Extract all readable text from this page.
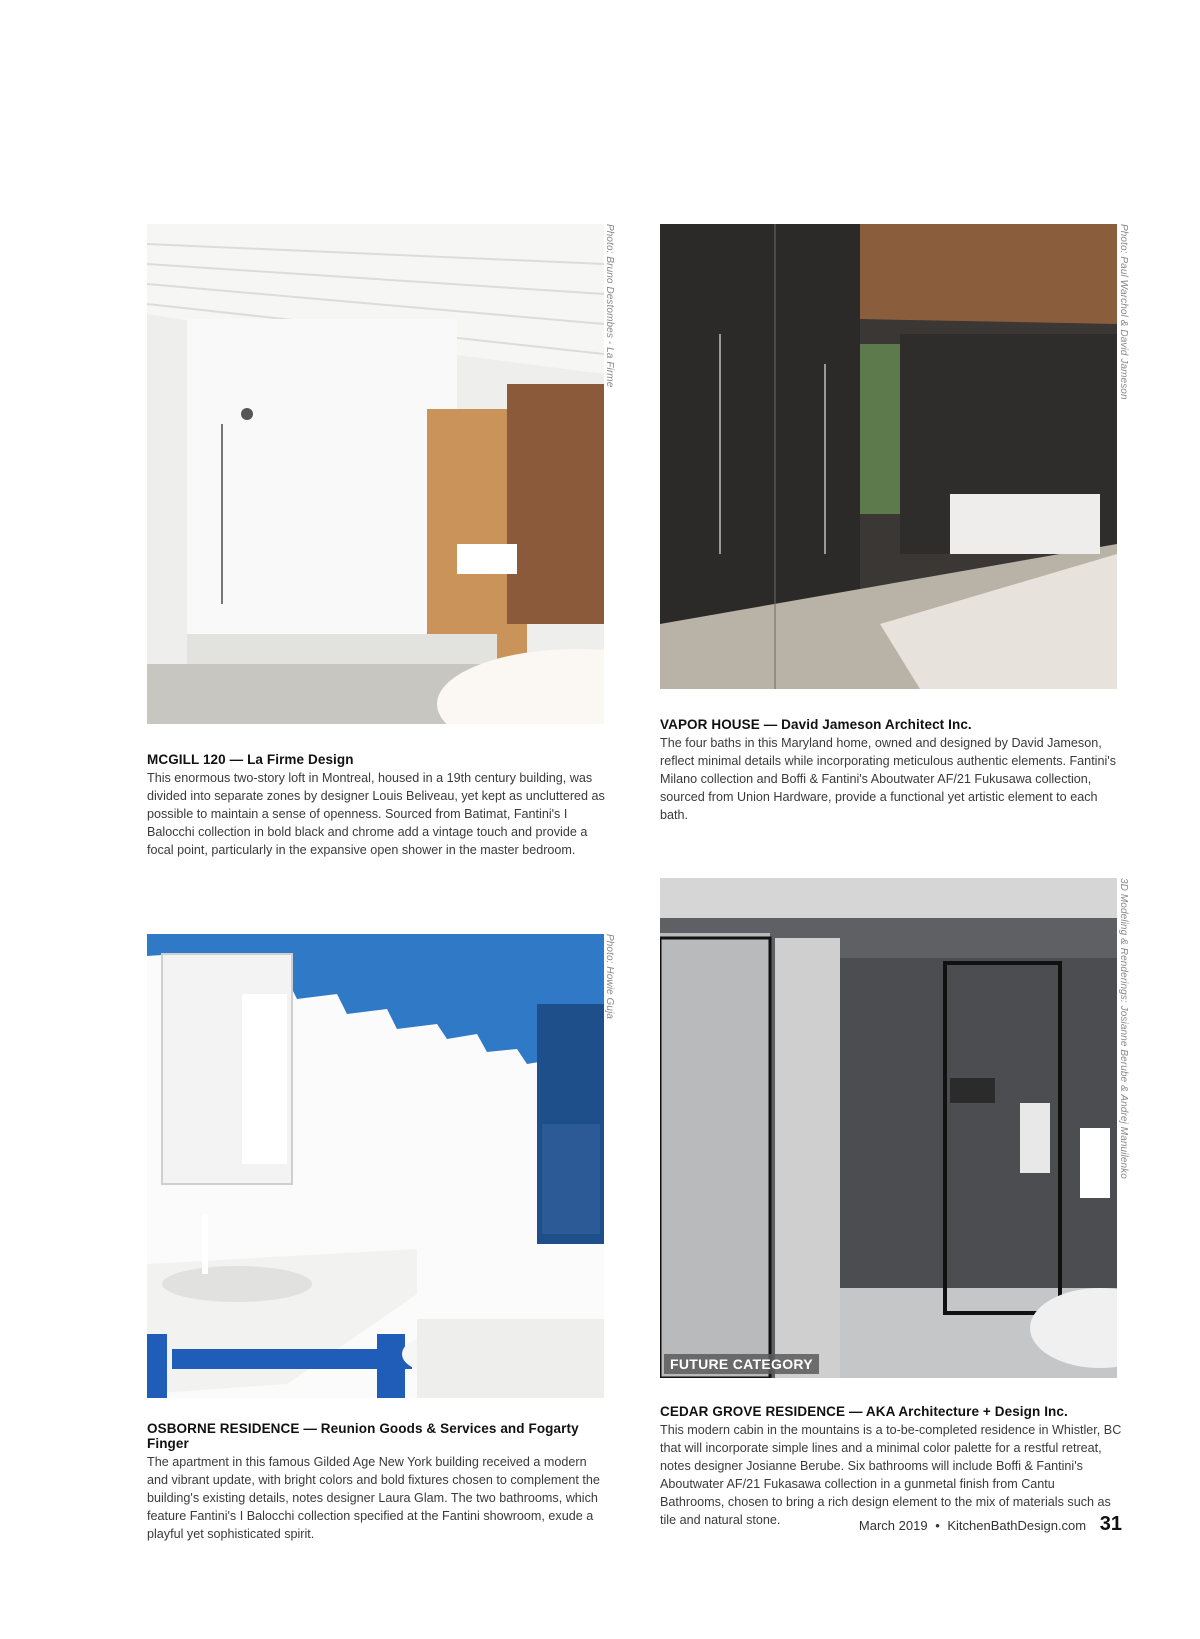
Photo: Bruno Destombes - La Firme	Photo: Paul Warchol & David Jameson
VAPOR HOUSE — David Jameson Architect Inc.

The four baths in this Maryland home, owned and designed by David Jameson, reflect minimal details while incorporating meticulous authentic elements. Fantini's Milano collection and Boffi & Fantini's Aboutwater AF/21 Fukusawa collection, sourced from Union Hardware, provide a functional yet artistic element to each bath.

MCGILL 120 — La Firme Design

This enormous two-story loft in Montreal, housed in a 19th century building, was divided into separate zones by designer Louis Beliveau, yet kept as uncluttered as possible to maintain a sense of openness. Sourced from Batimat, Fantini's I Balocchi collection in bold black and chrome add a vintage touch and provide a focal point, particularly in the expansive open shower in the master bedroom.

Photo: Howie Guja
FUTURE CATEGORY
3D Modeling & Renderings: Josianne Berube & Andrej Manuilenko
CEDAR GROVE RESIDENCE — AKA Architecture + Design Inc.

This modern cabin in the mountains is a to-be-completed residence in Whistler, BC that will incorporate simple lines and a minimal color palette for a restful retreat, notes designer Josianne Berube. Six bathrooms will include Boffi & Fantini's Aboutwater AF/21 Fukasawa collection in a gunmetal finish from Cantu Bathrooms, chosen to bring a rich design element to the mix of materials such as tile and natural stone.

OSBORNE RESIDENCE — Reunion Goods & Services and Fogarty Finger

The apartment in this famous Gilded Age New York building received a modern and vibrant update, with bright colors and bold fixtures chosen to complement the building's existing details, notes designer Laura Glam. The two bathrooms, which feature Fantini's I Balocchi collection specified at the Fantini showroom, exude a playful yet sophisticated spirit.

March 2019 • KitchenBathDesign.com 31
